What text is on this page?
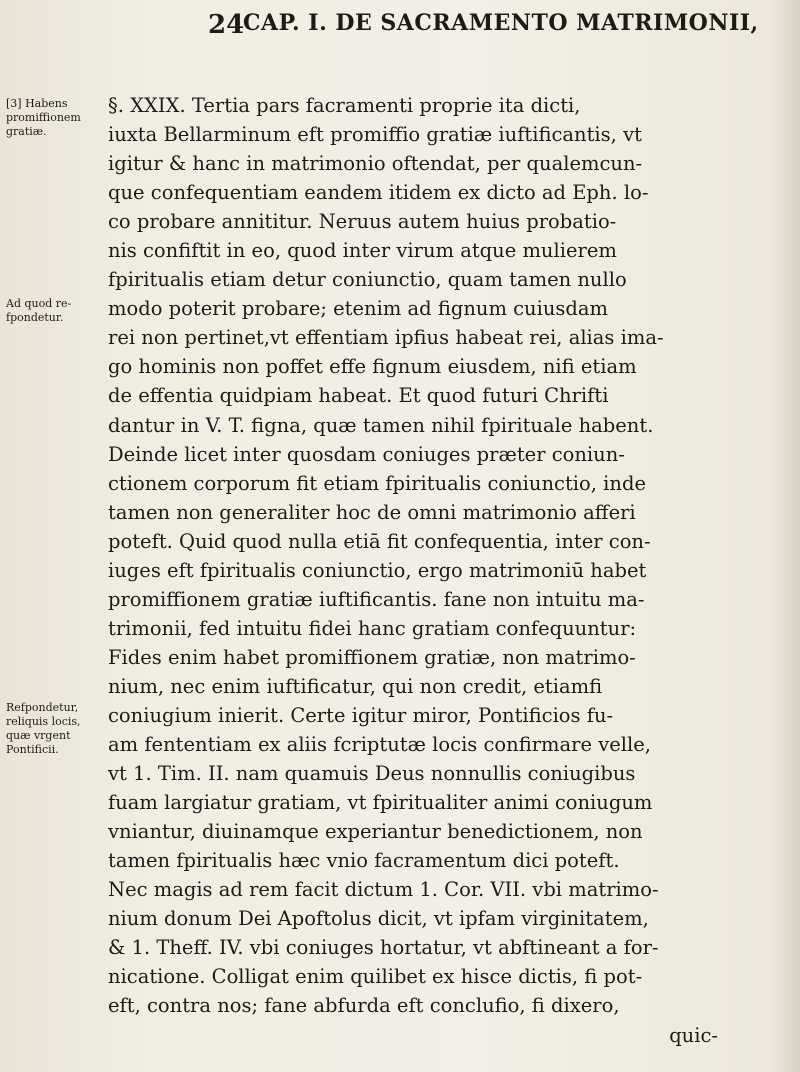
24
CAP. I. DE SACRAMENTO MATRIMONII,
[3] Habens
promiffionem
gratiæ.
Ad quod re-
fpondetur.
Refpondetur,
reliquis locis,
quæ vrgent
Pontificii.
§. XXIX. Tertia pars facramenti proprie ita dicti,
iuxta Bellarminum eft promiffio gratiæ iuftificantis, vt
igitur & hanc in matrimonio oftendat, per qualemcun-
que confequentiam eandem itidem ex dicto ad Eph. lo-
co probare annititur. Neruus autem huius probatio-
nis confiftit in eo, quod inter virum atque mulierem
fpiritualis etiam detur coniunctio, quam tamen nullo
modo poterit probare; etenim ad fignum cuiusdam
rei non pertinet,vt effentiam ipfius habeat rei, alias ima-
go hominis non poffet effe fignum eiusdem, nifi etiam
de effentia quidpiam habeat. Et quod futuri Chrifti
dantur in V. T. figna, quæ tamen nihil fpirituale habent.
Deinde licet inter quosdam coniuges præter coniun-
ctionem corporum fit etiam fpiritualis coniunctio, inde
tamen non generaliter hoc de omni matrimonio afferi
poteft. Quid quod nulla etiā fit confequentia, inter con-
iuges eft fpiritualis coniunctio, ergo matrimoniū habet
promiffionem gratiæ iuftificantis. fane non intuitu ma-
trimonii, fed intuitu fidei hanc gratiam confequuntur:
Fides enim habet promiffionem gratiæ, non matrimo-
nium, nec enim iuftificatur, qui non credit, etiamfi
coniugium inierit. Certe igitur miror, Pontificios fu-
am fententiam ex aliis fcriptutæ locis confirmare velle,
vt 1. Tim. II. nam quamuis Deus nonnullis coniugibus
fuam largiatur gratiam, vt fpiritualiter animi coniugum
vniantur, diuinamque experiantur benedictionem, non
tamen fpiritualis hæc vnio facramentum dici poteft.
Nec magis ad rem facit dictum 1. Cor. VII. vbi matrimo-
nium donum Dei Apoftolus dicit, vt ipfam virginitatem,
& 1. Theff. IV. vbi coniuges hortatur, vt abftineant a for-
nicatione. Colligat enim quilibet ex hisce dictis, fi pot-
eft, contra nos; fane abfurda eft conclufio, fi dixero,
quic-
